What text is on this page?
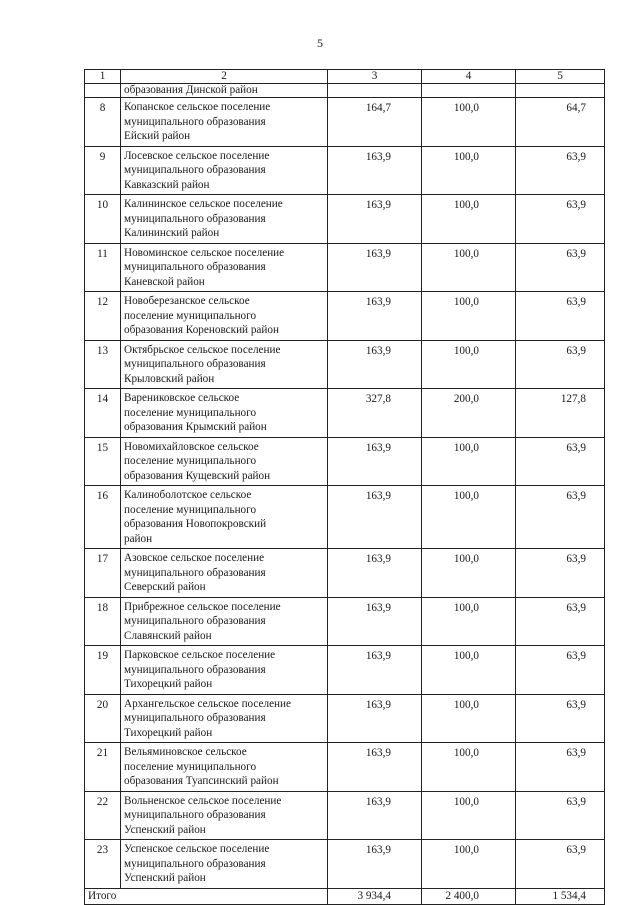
5
1	2	3	4	5
	образования Динской район			
8	Копанское сельское поселение
муниципального образования
Ейский район	164,7	100,0	64,7
9	Лосевское сельское поселение
муниципального образования
Кавказский район	163,9	100,0	63,9
10	Калининское сельское поселение
муниципального образования
Калининский район	163,9	100,0	63,9
11	Новоминское сельское поселение
муниципального образования
Каневской район	163,9	100,0	63,9
12	Новоберезанское сельское
поселение муниципального
образования Кореновский район	163,9	100,0	63,9
13	Октябрьское сельское поселение
муниципального образования
Крыловский район	163,9	100,0	63,9
14	Варениковское сельское
поселение муниципального
образования Крымский район	327,8	200,0	127,8
15	Новомихайловское сельское
поселение муниципального
образования Кущевский район	163,9	100,0	63,9
16	Калиноболотское сельское
поселение муниципального
образования Новопокровский
район	163,9	100,0	63,9
17	Азовское сельское поселение
муниципального образования
Северский район	163,9	100,0	63,9
18	Прибрежное сельское поселение
муниципального образования
Славянский район	163,9	100,0	63,9
19	Парковское сельское поселение
муниципального образования
Тихорецкий район	163,9	100,0	63,9
20	Архангельское сельское поселение
муниципального образования
Тихорецкий район	163,9	100,0	63,9
21	Вельяминовское сельское
поселение муниципального
образования Туапсинский район	163,9	100,0	63,9
22	Вольненское сельское поселение
муниципального образования
Успенский район	163,9	100,0	63,9
23	Успенское сельское поселение
муниципального образования
Успенский район	163,9	100,0	63,9
Итого		3 934,4	2 400,0	1 534,4
